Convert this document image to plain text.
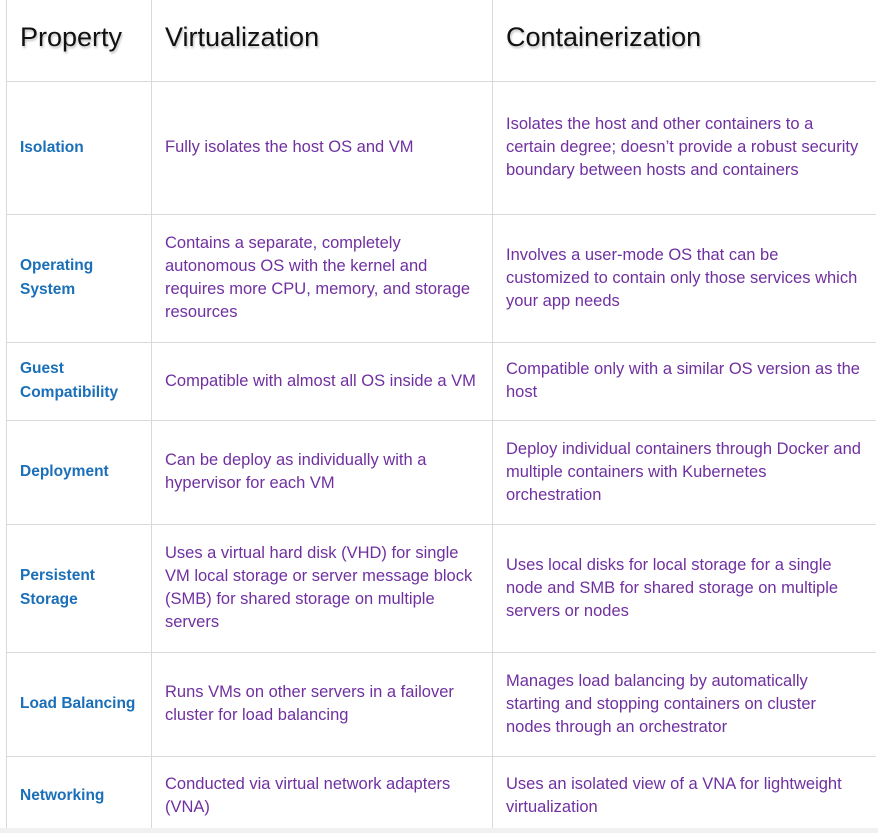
Property	Virtualization	Containerization
Isolation	Fully isolates the host OS and VM	Isolates the host and other containers to a certain degree; doesn’t provide a robust security boundary between hosts and containers
Operating System	Contains a separate, completely autonomous OS with the kernel and requires more CPU, memory, and storage resources	Involves a user-mode OS that can be customized to contain only those services which your app needs
Guest Compatibility	Compatible with almost all OS inside a VM	Compatible only with a similar OS version as the host
Deployment	Can be deploy as individually with a hypervisor for each VM	Deploy individual containers through Docker and multiple containers with Kubernetes orchestration
Persistent Storage	Uses a virtual hard disk (VHD) for single VM local storage or server message block (SMB) for shared storage on multiple servers	Uses local disks for local storage for a single node and SMB for shared storage on multiple servers or nodes
Load Balancing	Runs VMs on other servers in a failover cluster for load balancing	Manages load balancing by automatically starting and stopping containers on cluster nodes through an orchestrator
Networking	Conducted via virtual network adapters (VNA)	Uses an isolated view of a VNA for lightweight virtualization
